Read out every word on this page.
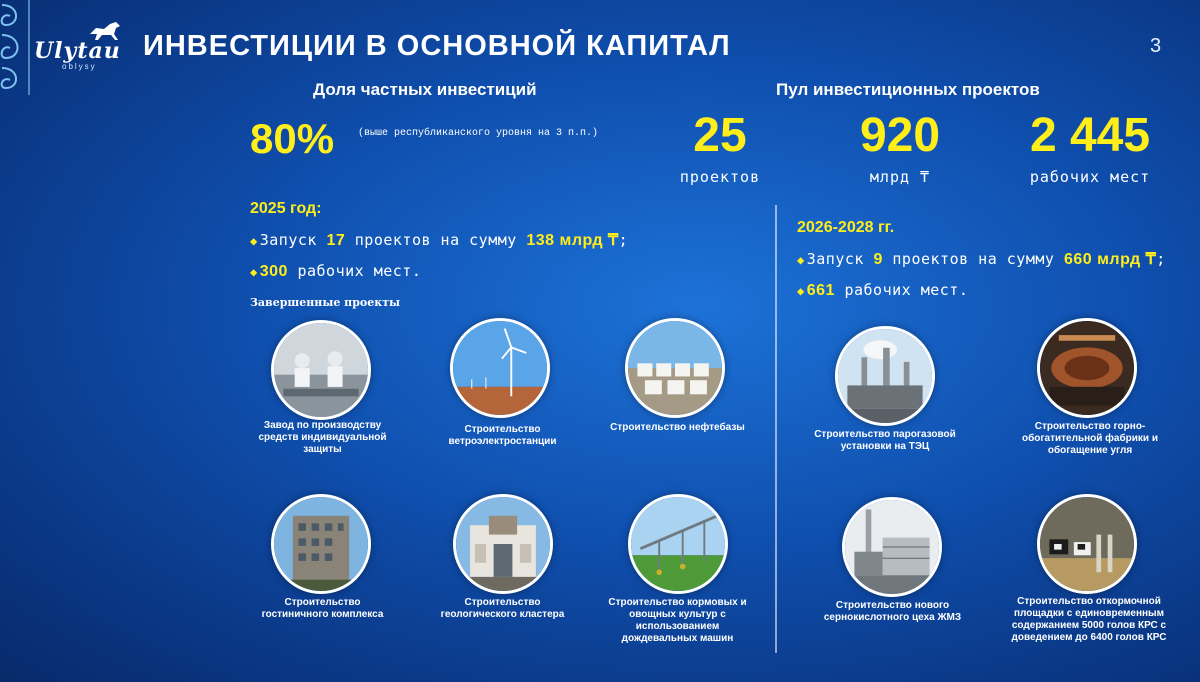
Ulytau
oblysy
ИНВЕСТИЦИИ В ОСНОВНОЙ КАПИТАЛ	3
Доля частных инвестиций
80% (выше республиканского уровня на 3 п.п.)
Пул инвестиционных проектов
25
проектов
920
млрд ₸
2 445
рабочих мест
2025 год:
◆ Запуск 17 проектов на сумму 138 млрд ₸;
◆ 300 рабочих мест.
Завершенные проекты
2026-2028 гг.
◆ Запуск 9 проектов на сумму 660 млрд ₸;
◆ 661 рабочих мест.
Завод по производству средств индивидуальной защиты
Строительство ветроэлектростанции
Строительство нефтебазы
Строительство гостиничного комплекса
Строительство геологического кластера
Строительство кормовых и овощных культур с использованием дождевальных машин
Строительство парогазовой установки на ТЭЦ
Строительство горно-обогатительной фабрики и обогащение угля
Строительство нового сернокислотного цеха ЖМЗ
Строительство откормочной площадки с единовременным содержанием 5000 голов КРС с доведением до 6400 голов КРС
